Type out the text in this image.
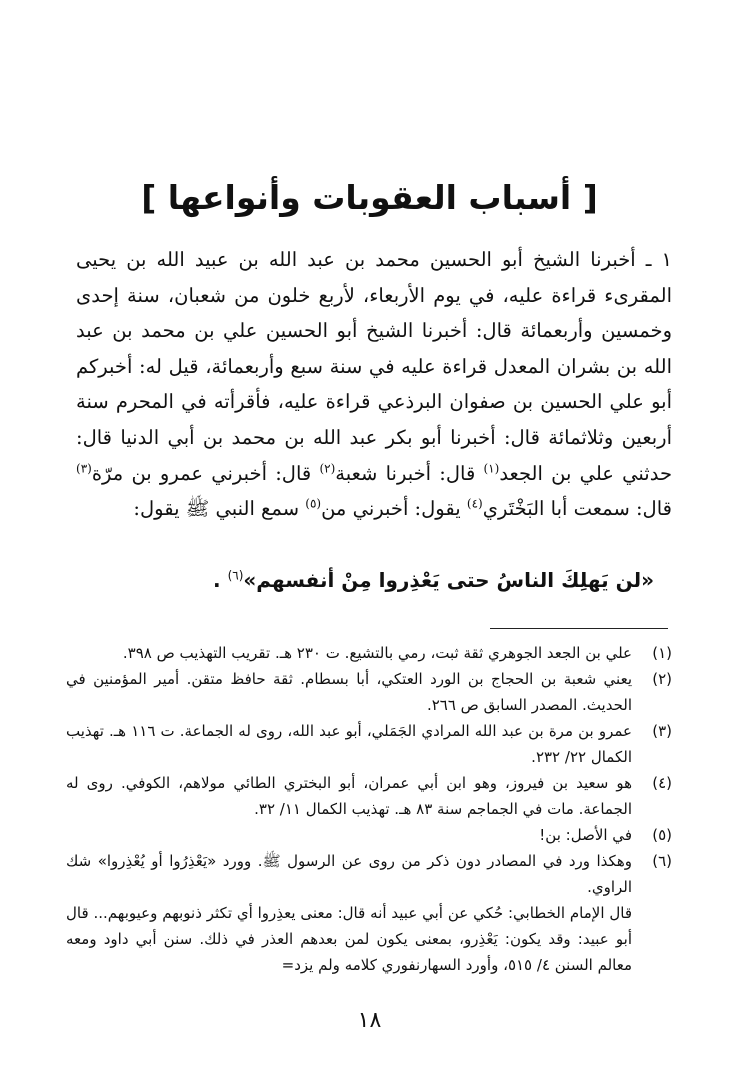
[ أسباب العقوبات وأنواعها ]

١ ـ أخبرنا الشيخ أبو الحسين محمد بن عبد الله بن عبيد الله بن يحيى المقرىء قراءة عليه، في يوم الأربعاء، لأربع خلون من شعبان، سنة إحدى وخمسين وأربعمائة قال: أخبرنا الشيخ أبو الحسين علي بن محمد بن عبد الله بن بشران المعدل قراءة عليه في سنة سبع وأربعمائة، قيل له: أخبركم أبو علي الحسين بن صفوان البرذعي قراءة عليه، فأقرأته في المحرم سنة أربعين وثلاثمائة قال: أخبرنا أبو بكر عبد الله بن محمد بن أبي الدنيا قال: حدثني علي بن الجعد$^{(١)}$ قال: أخبرنا شعبة$^{(٢)}$ قال: أخبرني عمرو بن مرّة$^{(٣)}$ قال: سمعت أبا البَخْتَري$^{(٤)}$ يقول: أخبرني من$^{(٥)}$ سمع النبي ﷺ يقول:

«لن يَهلِكَ الناسُ حتى يَعْذِروا مِنْ أنفسهم»$^{(٦)}$ .
(١)
علي بن الجعد الجوهري ثقة ثبت، رمي بالتشيع. ت ٢٣٠ هـ. تقريب التهذيب ص ٣٩٨.
(٢)
يعني شعبة بن الحجاج بن الورد العتكي، أبا بسطام. ثقة حافظ متقن. أمير المؤمنين في الحديث. المصدر السابق ص ٢٦٦.
(٣)
عمرو بن مرة بن عبد الله المرادي الجَمَلي، أبو عبد الله، روى له الجماعة. ت ١١٦ هـ. تهذيب الكمال ٢٢/ ٢٣٢.
(٤)
هو سعيد بن فيروز، وهو ابن أبي عمران، أبو البختري الطائي مولاهم، الكوفي. روى له الجماعة. مات في الجماجم سنة ٨٣ هـ. تهذيب الكمال ١١/ ٣٢.
(٥)
في الأصل: بن!
(٦)
وهكذا ورد في المصادر دون ذكر من روى عن الرسول ﷺ. وورد «يَعْذِرُوا أو يُعْذِروا» شك الراوي.

قال الإمام الخطابي: حُكي عن أبي عبيد أنه قال: معنى يعذِروا أي تكثر ذنوبهم وعيوبهم... قال أبو عبيد: وقد يكون: يَعْذِرو، بمعنى يكون لمن بعدهم العذر في ذلك. سنن أبي داود ومعه معالم السنن ٤/ ٥١٥، وأورد السهارنفوري كلامه ولم يزد=

١٨
